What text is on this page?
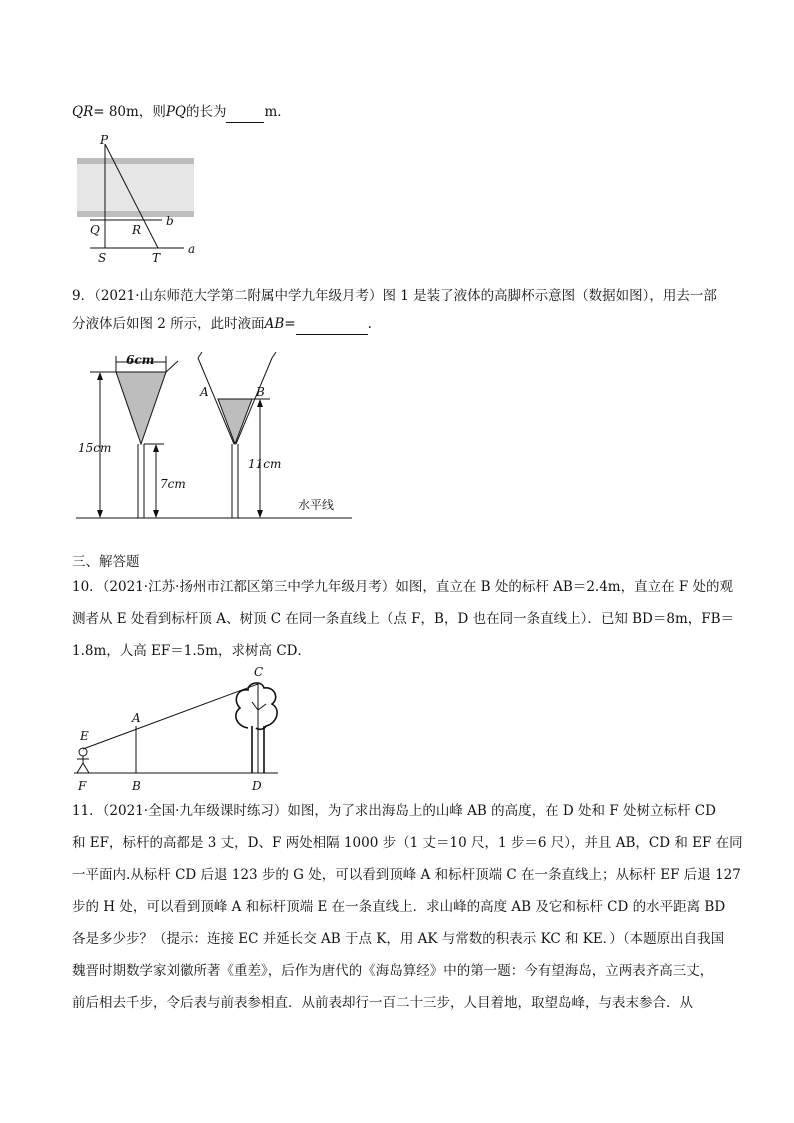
QR= 80m，则PQ的长为	m．
P
Q	R
S	T
b
a
9．（2021·山东师范大学第二附属中学九年级月考）图 1 是装了液体的高脚杯示意图（数据如图），用去一部
分液体后如图 2 所示，此时液面AB=	.
水平线
6cm
15cm
7cm
A	B
11cm
三、解答题
10．（2021·江苏·扬州市江都区第三中学九年级月考）如图，直立在 B 处的标杆 AB＝2.4m，直立在 F 处的观
测者从 E 处看到标杆顶 A、树顶 C 在同一条直线上（点 F，B，D 也在同一条直线上）．已知 BD＝8m，FB＝
1.8m，人高 EF＝1.5m，求树高 CD．
C
A
E
F	B	D
11．（2021·全国·九年级课时练习）如图，为了求出海岛上的山峰 AB 的高度，在 D 处和 F 处树立标杆 CD
和 EF，标杆的高都是 3 丈，D、F 两处相隔 1000 步（1 丈＝10 尺，1 步＝6 尺），并且 AB，CD 和 EF 在同
一平面内.从标杆 CD 后退 123 步的 G 处，可以看到顶峰 A 和标杆顶端 C 在一条直线上；从标杆 EF 后退 127
步的 H 处，可以看到顶峰 A 和标杆顶端 E 在一条直线上．求山峰的高度 AB 及它和标杆 CD 的水平距离 BD
各是多少步？（提示：连接 EC 并延长交 AB 于点 K，用 AK 与常数的积表示 KC 和 KE．）（本题原出自我国
魏晋时期数学家刘徽所著《重差》，后作为唐代的《海岛算经》中的第一题：今有望海岛，立两表齐高三丈，
前后相去千步，令后表与前表参相直．从前表却行一百二十三步，人目着地，取望岛峰，与表末参合．从
